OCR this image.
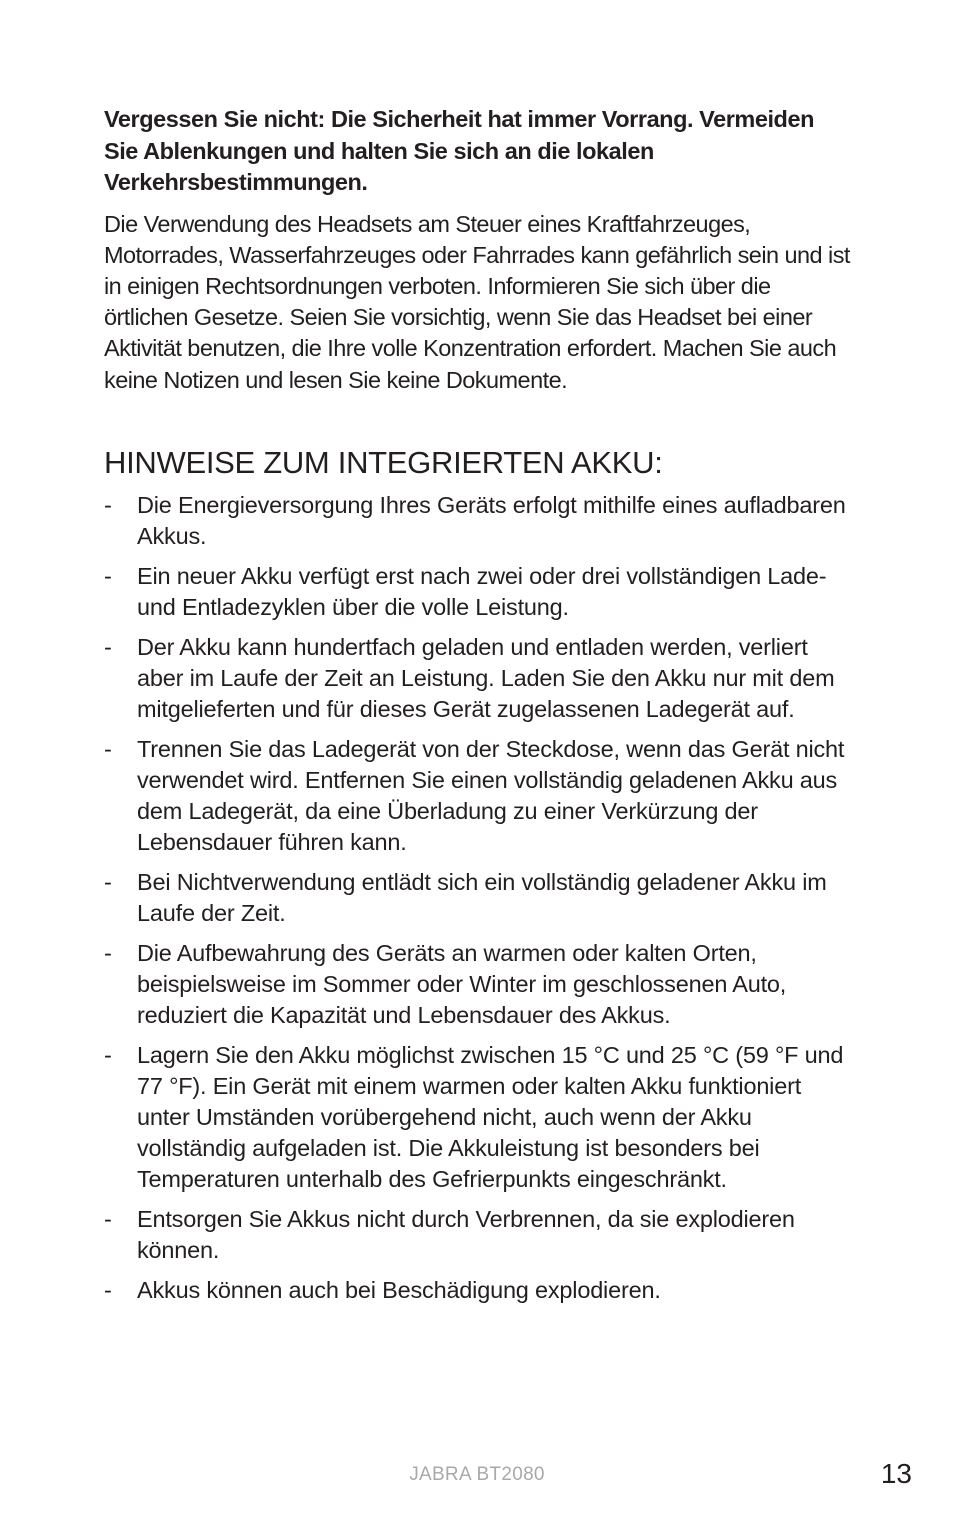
Vergessen Sie nicht: Die Sicherheit hat immer Vorrang. Vermeiden Sie Ablenkungen und halten Sie sich an die lokalen Verkehrsbestimmungen.

Die Verwendung des Headsets am Steuer eines Kraftfahrzeuges, Motorrades, Wasserfahrzeuges oder Fahrrades kann gefährlich sein und ist in einigen Rechtsordnungen verboten. Informieren Sie sich über die örtlichen Gesetze. Seien Sie vorsichtig, wenn Sie das Headset bei einer Aktivität benutzen, die Ihre volle Konzentration erfordert. Machen Sie auch keine Notizen und lesen Sie keine Dokumente.

HINWEISE ZUM INTEGRIERTEN AKKU:
- Die Energieversorgung Ihres Geräts erfolgt mithilfe eines aufladbaren Akkus.
- Ein neuer Akku verfügt erst nach zwei oder drei vollständigen Lade- und Entladezyklen über die volle Leistung.
- Der Akku kann hundertfach geladen und entladen werden, verliert aber im Laufe der Zeit an Leistung. Laden Sie den Akku nur mit dem mitgelieferten und für dieses Gerät zugelassenen Ladegerät auf.
- Trennen Sie das Ladegerät von der Steckdose, wenn das Gerät nicht verwendet wird. Entfernen Sie einen vollständig geladenen Akku aus dem Ladegerät, da eine Überladung zu einer Verkürzung der Lebensdauer führen kann.
- Bei Nichtverwendung entlädt sich ein vollständig geladener Akku im Laufe der Zeit.
- Die Aufbewahrung des Geräts an warmen oder kalten Orten, beispielsweise im Sommer oder Winter im geschlossenen Auto, reduziert die Kapazität und Lebensdauer des Akkus.
- Lagern Sie den Akku möglichst zwischen 15 °C und 25 °C (59 °F und 77 °F). Ein Gerät mit einem warmen oder kalten Akku funktioniert unter Umständen vorübergehend nicht, auch wenn der Akku vollständig aufgeladen ist. Die Akkuleistung ist besonders bei Temperaturen unterhalb des Gefrierpunkts eingeschränkt.
- Entsorgen Sie Akkus nicht durch Verbrennen, da sie explodieren können.
- Akkus können auch bei Beschädigung explodieren.
JABRA BT2080	13
